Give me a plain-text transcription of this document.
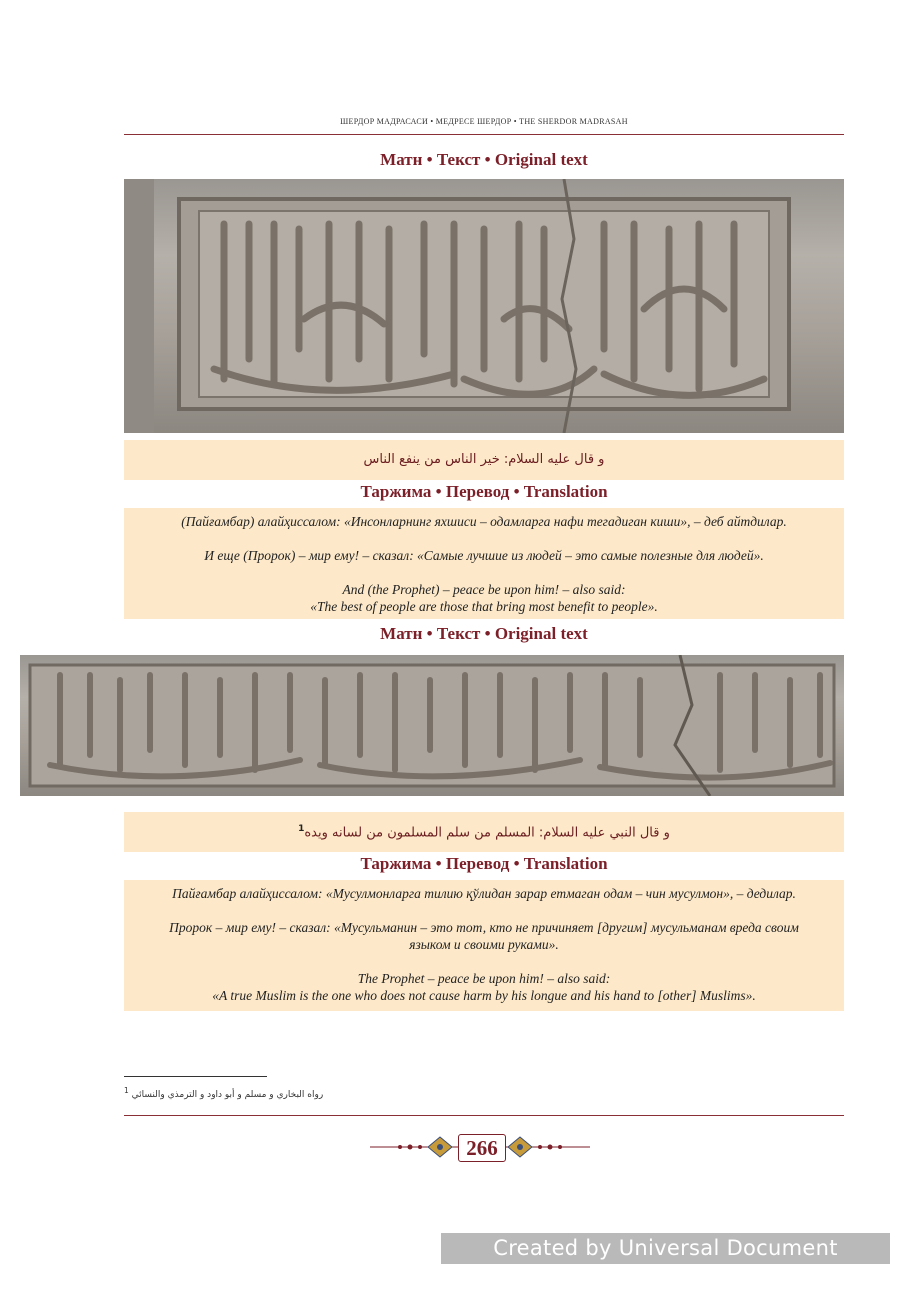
ШЕРДОР МАДРАСАСИ • МЕДРЕСЕ ШЕРДОР • THE SHERDOR MADRASAH
Матн • Текст • Original text
و قال عليه السلام: خير الناس من ينفع الناس
Таржима • Перевод • Translation
(Пайғамбар) алайҳиссалом: «Инсонларнинг яхшиси – одамларга нафи тегадиган киши», – деб айтдилар.
И еще (Пророк) – мир ему! – сказал: «Самые лучшие из людей – это самые полезные для людей».
And (the Prophet) – peace be upon him! – also said:
«The best of people are those that bring most benefit to people».
Матн • Текст • Original text
و قال النبي عليه السلام: المسلم من سلم المسلمون من لسانه ويده$^1$
Таржима • Перевод • Translation
Пайғамбар алайҳиссалом: «Мусулмонларга тилию қўлидан зарар етмаган одам – чин мусулмон», – дедилар.
Пророк – мир ему! – сказал: «Мусульманин – это тот, кто не причиняет [другим] мусульманам вреда своим
языком и своими руками».
The Prophet – peace be upon him! – also said:
«A true Muslim is the one who does not cause harm by his longue and his hand to [other] Muslims».
$^1$ رواه البخاري و مسلم و أبو داود و الترمذي والنسائي
266
Created by Universal Document Converter
